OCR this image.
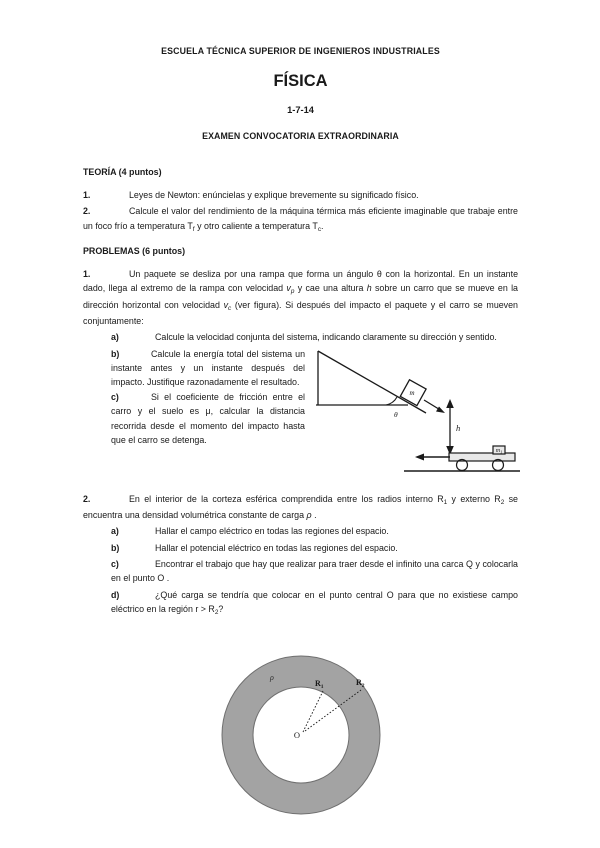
ESCUELA TÉCNICA SUPERIOR DE INGENIEROS INDUSTRIALES
FÍSICA
1-7-14
EXAMEN CONVOCATORIA EXTRAORDINARIA
TEORÍA (4 puntos)
1.	Leyes de Newton: enúncielas y explique brevemente su significado físico.
2.	Calcule el valor del rendimiento de la máquina térmica más eficiente imaginable que trabaje entre un foco frío a temperatura $T_f$ y otro caliente a temperatura $T_c$.
PROBLEMAS (6 puntos)
1.	Un paquete se desliza por una rampa que forma un ángulo θ con la horizontal. En un instante dado, llega al extremo de la rampa con velocidad $v_p$ y cae una altura h sobre un carro que se mueve en la dirección horizontal con velocidad $v_c$ (ver figura). Si después del impacto el paquete y el carro se mueven conjuntamente:
a)	Calcule la velocidad conjunta del sistema, indicando claramente su dirección y sentido.
b)	Calcule la energía total del sistema un instante antes y un instante después del impacto. Justifique razonadamente el resultado.
c)	Si el coeficiente de fricción entre el carro y el suelo es μ, calcular la distancia recorrida desde el momento del impacto hasta que el carro se detenga.
m
θ
h
$m_1$
2.	En el interior de la corteza esférica comprendida entre los radios interno $R_1$ y externo $R_2$ se encuentra una densidad volumétrica constante de carga ρ .
a)	Hallar el campo eléctrico en todas las regiones del espacio.
b)	Hallar el potencial eléctrico en todas las regiones del espacio.
c)	Encontrar el trabajo que hay que realizar para traer desde el infinito una carca Q y colocarla en el punto O .
d)	¿Qué carga se tendría que colocar en el punto central O para que no existiese campo eléctrico en la región $r > R_2$?
O
$R_1$	$R_2$
ρ
